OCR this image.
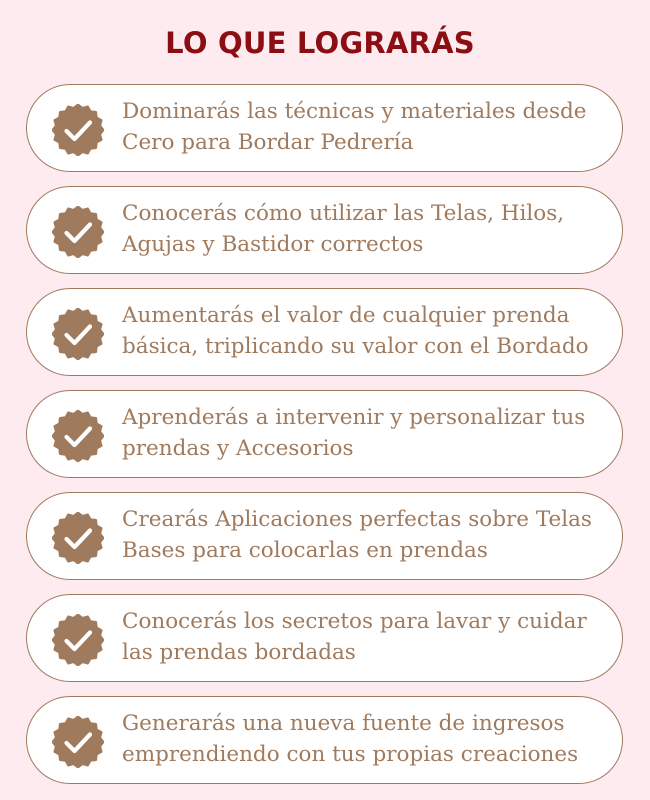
LO QUE LOGRARÁS
Dominarás las técnicas y materiales desde
Cero para Bordar Pedrería
Conocerás cómo utilizar las Telas, Hilos,
Agujas y Bastidor correctos
Aumentarás el valor de cualquier prenda
básica, triplicando su valor con el Bordado
Aprenderás a intervenir y personalizar tus
prendas y Accesorios
Crearás Aplicaciones perfectas sobre Telas
Bases para colocarlas en prendas
Conocerás los secretos para lavar y cuidar
las prendas bordadas
Generarás una nueva fuente de ingresos
emprendiendo con tus propias creaciones
